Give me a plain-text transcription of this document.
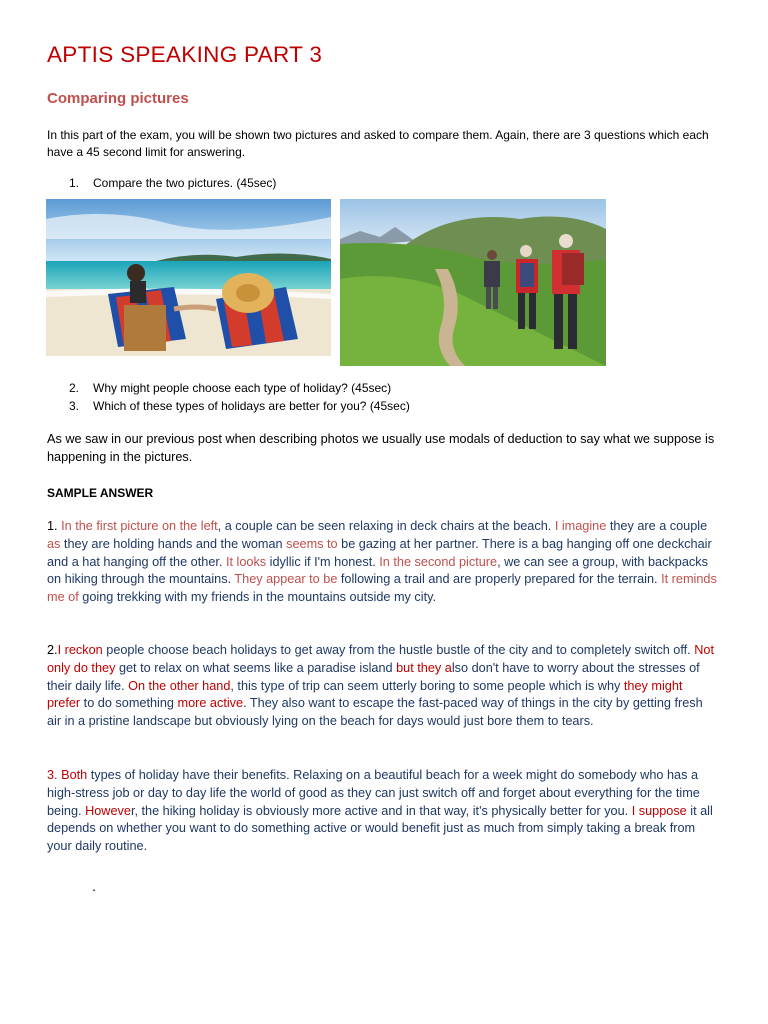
APTIS SPEAKING PART 3
Comparing pictures
In this part of the exam, you will be shown two pictures and asked to compare them. Again, there are 3 questions which each have a 45 second limit for answering.
1. Compare the two pictures. (45sec)
2. Why might people choose each type of holiday? (45sec)
3. Which of these types of holidays are better for you? (45sec)
As we saw in our previous post when describing photos we usually use modals of deduction to say what we suppose is happening in the pictures.
SAMPLE ANSWER
1. In the first picture on the left, a couple can be seen relaxing in deck chairs at the beach. I imagine they are a couple as they are holding hands and the woman seems to be gazing at her partner. There is a bag hanging off one deckchair and a hat hanging off the other. It looks idyllic if I'm honest. In the second picture, we can see a group, with backpacks on hiking through the mountains. They appear to be following a trail and are properly prepared for the terrain. It reminds me of going trekking with my friends in the mountains outside my city.
2.I reckon people choose beach holidays to get away from the hustle bustle of the city and to completely switch off. Not only do they get to relax on what seems like a paradise island but they also don't have to worry about the stresses of their daily life. On the other hand, this type of trip can seem utterly boring to some people which is why they might prefer to do something more active. They also want to escape the fast-paced way of things in the city by getting fresh air in a pristine landscape but obviously lying on the beach for days would just bore them to tears.
3. Both types of holiday have their benefits. Relaxing on a beautiful beach for a week might do somebody who has a high-stress job or day to day life the world of good as they can just switch off and forget about everything for the time being. However, the hiking holiday is obviously more active and in that way, it's physically better for you. I suppose it all depends on whether you want to do something active or would benefit just as much from simply taking a break from your daily routine.
.
